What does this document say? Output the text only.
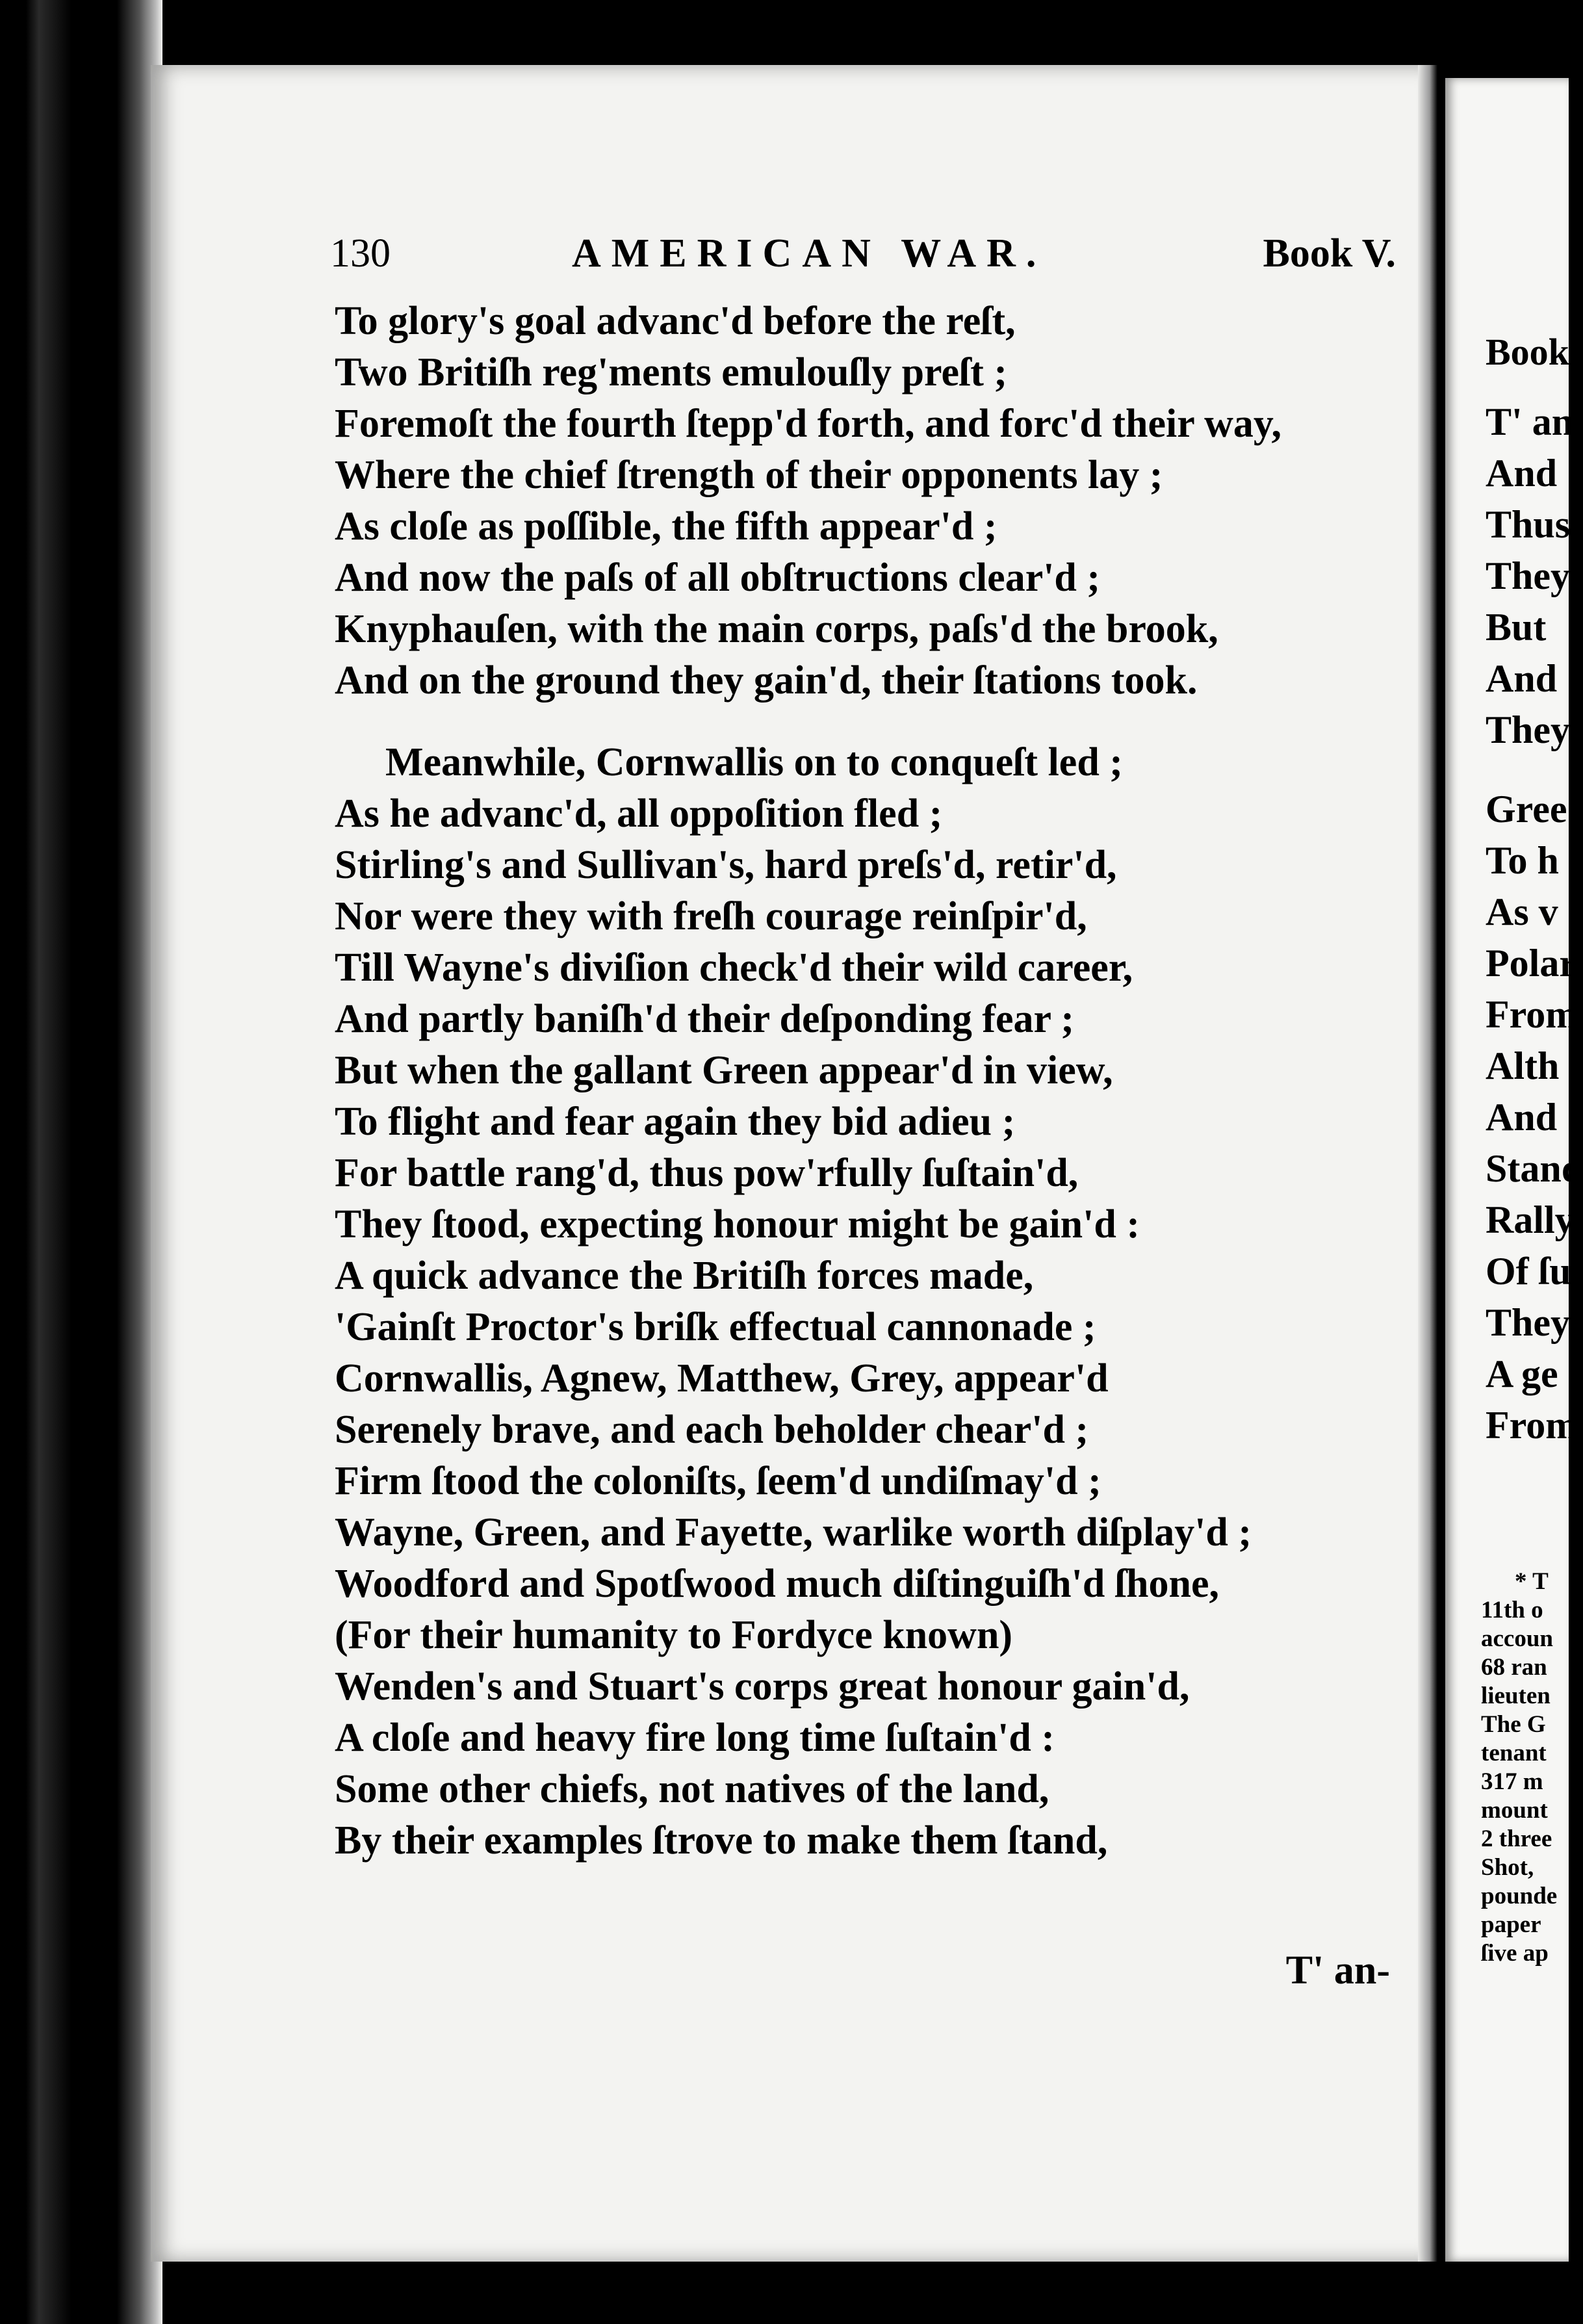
Book
T' an
And
Thus
They
But
And
They
Gree
To h
As v
Polar
From
Alth
And
Stand
Rally
Of ſu
They
A ge
From
* T
11th o
accoun
68 ran
lieuten
The G
tenant
317 m
mount
2 three
Shot,
pounde
paper
ſive ap
130	AMERICAN WAR.	Book V.
To glory's goal advanc'd before the reſt,
Two Britiſh reg'ments emulouſly preſt ;
Foremoſt the fourth ſtepp'd forth, and forc'd their way,
Where the chief ſtrength of their opponents lay ;
As cloſe as poſſible, the fifth appear'd ;
And now the paſs of all obſtructions clear'd ;
Knyphauſen, with the main corps, paſs'd the brook,
And on the ground they gain'd, their ſtations took.
Meanwhile, Cornwallis on to conqueſt led ;
As he advanc'd, all oppoſition fled ;
Stirling's and Sullivan's, hard preſs'd, retir'd,
Nor were they with freſh courage reinſpir'd,
Till Wayne's diviſion check'd their wild career,
And partly baniſh'd their deſponding fear ;
But when the gallant Green appear'd in view,
To flight and fear again they bid adieu ;
For battle rang'd, thus pow'rfully ſuſtain'd,
They ſtood, expecting honour might be gain'd :
A quick advance the Britiſh forces made,
'Gainſt Proctor's briſk effectual cannonade ;
Cornwallis, Agnew, Matthew, Grey, appear'd
Serenely brave, and each beholder chear'd ;
Firm ſtood the coloniſts, ſeem'd undiſmay'd ;
Wayne, Green, and Fayette, warlike worth diſplay'd ;
Woodford and Spotſwood much diſtinguiſh'd ſhone,
(For their humanity to Fordyce known)
Wenden's and Stuart's corps great honour gain'd,
A cloſe and heavy fire long time ſuſtain'd :
Some other chiefs, not natives of the land,
By their examples ſtrove to make them ſtand,
T' an-
